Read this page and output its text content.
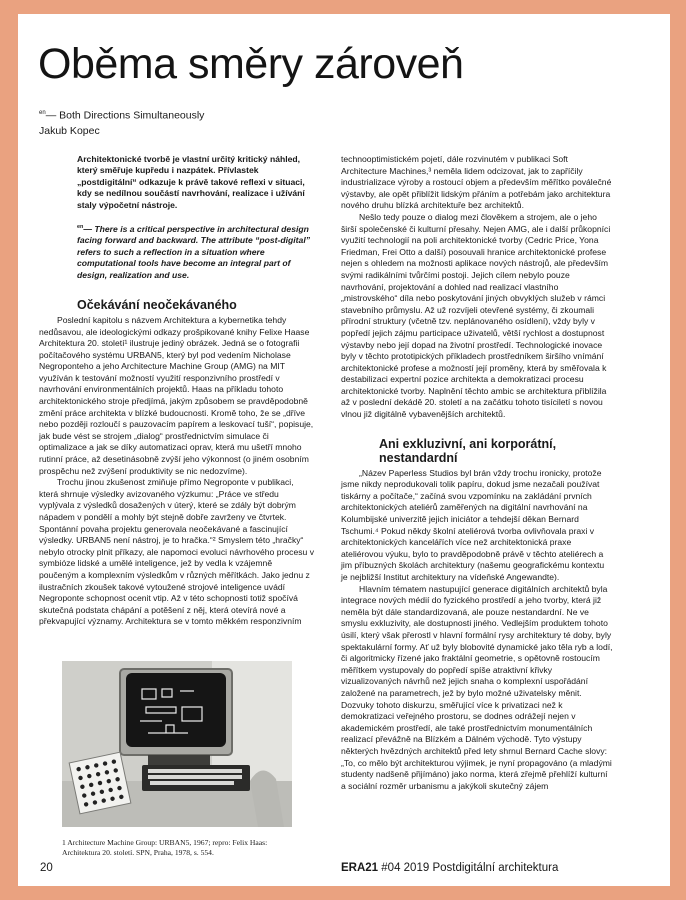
Oběma směry zároveň
$^{en}$— Both Directions Simultaneously
Jakub Kopec

Architektonické tvorbě je vlastní určitý kritický náhled, který směřuje kupředu i nazpátek. Přívlastek „postdigitální“ odkazuje k právě takové reflexi v situaci, kdy se nedílnou součástí navrhování, realizace i užívání staly výpočetní nástroje.

$^{en}$— There is a critical perspective in architectural design facing forward and backward. The attribute “post-digital” refers to such a reflection in a situation where computational tools have become an integral part of design, realization and use.

Očekávání neočekávaného

Poslední kapitolu s názvem Architektura a kybernetika tehdy nedůsavou, ale ideologickými odkazy prošpikované knihy Felixe Haase Architektura 20. století¹ ilustruje jediný obrázek. Jedná se o fotografii počítačového systému URBAN5, který byl pod vedením Nicholase Negroponteho a jeho Architecture Machine Group (AMG) na MIT využíván k testování možností využití responzivního prostředí v navrhování environmentálních projektů. Haas na příkladu tohoto architektonického stroje předjímá, jakým způsobem se pravděpodobně změní práce architekta v blízké budoucnosti. Kromě toho, že se „dříve nebo později rozloučí s pauzovacím papírem a leskovací tuší“, popisuje, jak bude vést se strojem „dialog“ prostřednictvím simulace či optimalizace a jak se díky automatizaci oprav, která mu ušetří mnoho rutinní práce, až desetinásobně zvýší jeho výkonnost (o jiném osobním prospěchu než zvýšení produktivity se nic nedozvíme).

Trochu jinou zkušenost zmiňuje přímo Negroponte v publikaci, která shrnuje výsledky avizovaného výzkumu: „Práce ve středu vyplývala z výsledků dosažených v úterý, které se zdály být dobrým nápadem v pondělí a mohly být stejně dobře zavrženy ve čtvrtek. Spontánní povaha projektu generovala neočekávané a fascinující výsledky. URBAN5 není nástroj, je to hračka.“² Smyslem této „hračky“ nebylo otrocky plnit příkazy, ale napomoci evoluci návrhového procesu v symbióze lidské a umělé inteligence, jež by vedla k vzájemně poučeným a komplexním výsledkům v různých měřítkách. Jako jednu z ilustračních zkoušek takové vytoužené strojové inteligence uvádí Negroponte schopnost ocenit vtip. Až v této schopnosti totiž spočívá skutečná podstata chápání a potěšení z něj, která otevírá nové a překvapující významy. Architektura se v tomto měkkém responzivním

1 Architecture Machine Group: URBAN5, 1967; repro: Felix Haas: Architektura 20. století. SPN, Praha, 1978, s. 554.

technooptimistickém pojetí, dále rozvinutém v publikaci Soft Architecture Machines,³ neměla lidem odcizovat, jak to zapříčily industrializace výroby a rostoucí objem a především měřítko poválečné výstavby, ale opět přiblížit lidským přáním a potřebám jako architektura nového druhu blízká architektuře bez architektů.

Nešlo tedy pouze o dialog mezi člověkem a strojem, ale o jeho širší společenské či kulturní přesahy. Nejen AMG, ale i další průkopníci využití technologií na poli architektonické tvorby (Cedric Price, Yona Friedman, Frei Otto a další) posouvali hranice architektonické profese nejen s ohledem na možnosti aplikace nových nástrojů, ale především svými radikálními tvůrčími postoji. Jejich cílem nebylo pouze navrhování, projektování a dohled nad realizací vlastního „mistrovského“ díla nebo poskytování jiných obvyklých služeb v rámci stavebního průmyslu. Až už rozvíjeli otevřené systémy, či zkoumali přírodní struktury (včetně tzv. neplánovaného osídlení), vždy byly v popředí jejich zájmu participace uživatelů, větší rychlost a dostupnost výstavby nebo její dopad na životní prostředí. Technologické inovace byly v těchto prototipických příkladech prostředníkem širšího vnímání architektonické profese a možností její proměny, která by směřovala k destabilizaci expertní pozice architekta a demokratizaci procesu architektonické tvorby. Naplnění těchto ambic se architektura přiblížila až v poslední dekádě 20. století a na začátku tohoto tisíciletí s novou vlnou již digitálně vybavenějších architektů.

Ani exkluzivní, ani korporátní, nestandardní

„Název Paperless Studios byl brán vždy trochu ironicky, protože jsme nikdy neprodukovali tolik papíru, dokud jsme nezačali používat tiskárny a počítače,“ začíná svou vzpomínku na zakládání prvních architektonických ateliérů zaměřených na digitální navrhování na Kolumbijské univerzitě jejich iniciátor a tehdejší děkan Bernard Tschumi.⁴ Pokud někdy školní ateliérová tvorba ovlivňovala praxi v architektonických kancelářích více než architektonická praxe ateliérovou výuku, bylo to pravděpodobně právě v těchto ateliérech a jim příbuzných školách architektury (našemu geografickému kontextu je nejbližší Institut architektury na vídeňské Angewandte).

Hlavním tématem nastupující generace digitálních architektů byla integrace nových médií do fyzického prostředí a jeho tvorby, která již neměla být dále standardizovaná, ale pouze nestandardní. Ne ve smyslu exkluzivity, ale dostupnosti jiného. Vedlejším produktem tohoto úsilí, který však přerostl v hlavní formální rysy architektury té doby, byly spektakulární formy. Ať už byly blobovité dynamické jako těla ryb a lodí, či algoritmicky řízené jako fraktální geometrie, s opětovně rostoucím měřítkem vystupovaly do popředí spíše atraktivní křivky vizualizovaných návrhů než jejich snaha o komplexní uspořádání založené na parametrech, jež by bylo možné uživatelsky měnit. Dozvuky tohoto diskurzu, směřující více k privatizaci než k demokratizaci veřejného prostoru, se dodnes odrážejí nejen v akademickém prostředí, ale také prostřednictvím monumentálních realizací převážně na Blízkém a Dálném východě. Tyto výstupy některých hvězdných architektů před lety shrnul Bernard Cache slovy: „To, co mělo být architekturou výjimek, je nyní propagováno (a mladými studenty nadšeně přijímáno) jako norma, která zřejmě přehlíží kulturní a sociální rozměr urbanismu a jakýkoli skutečný zájem

20	ERA21 #04 2019 Postdigitální architektura
